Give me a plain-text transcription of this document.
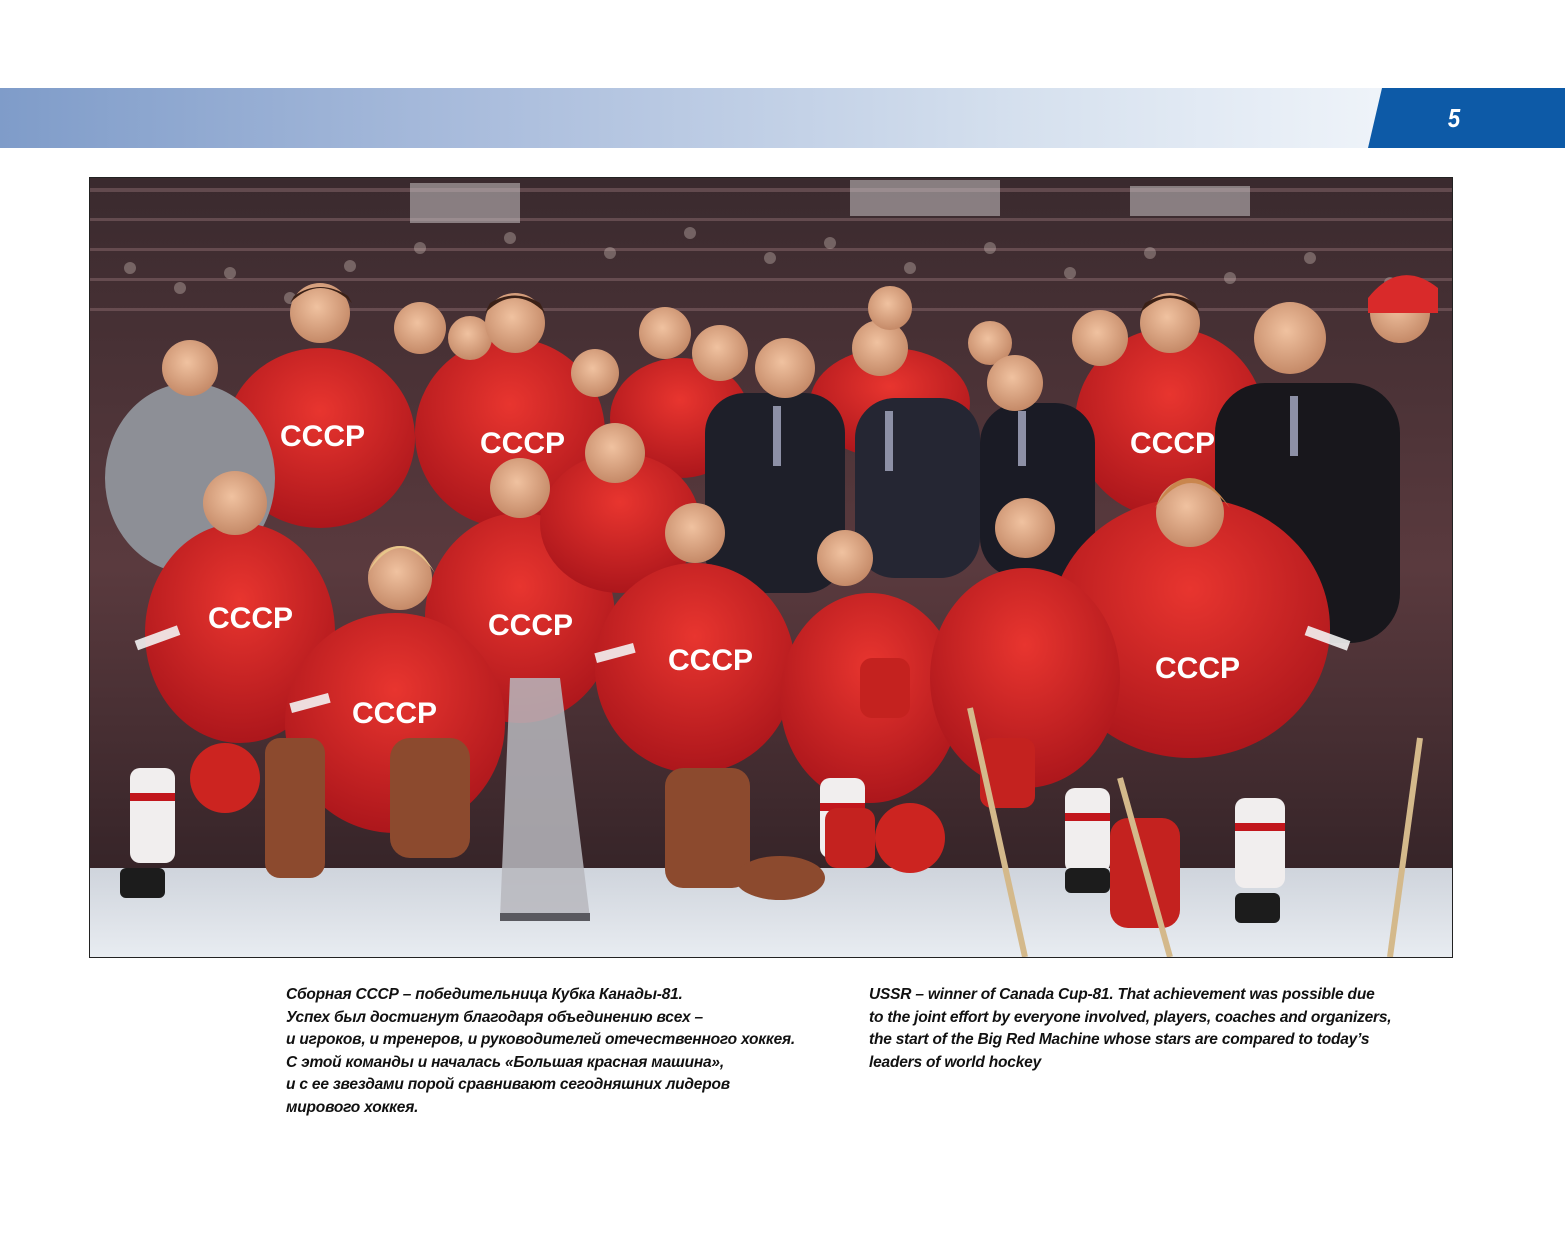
5
CCCP	CCCP	CCCP
CCCP	CCCP
CCCP
CCCP	CCCP
Сборная СССР – победительница Кубка Канады-81.
Успех был достигнут благодаря объединению всех –
и игроков, и тренеров, и руководителей отечественного хоккея.
С этой команды и началась «Большая красная машина»,
и с ее звездами порой сравнивают сегодняшних лидеров
мирового хоккея.
USSR – winner of Canada Cup-81. That achievement was possible due
to the joint effort by everyone involved, players, coaches and organizers,
the start of the Big Red Machine whose stars are compared to today’s
leaders of world hockey
